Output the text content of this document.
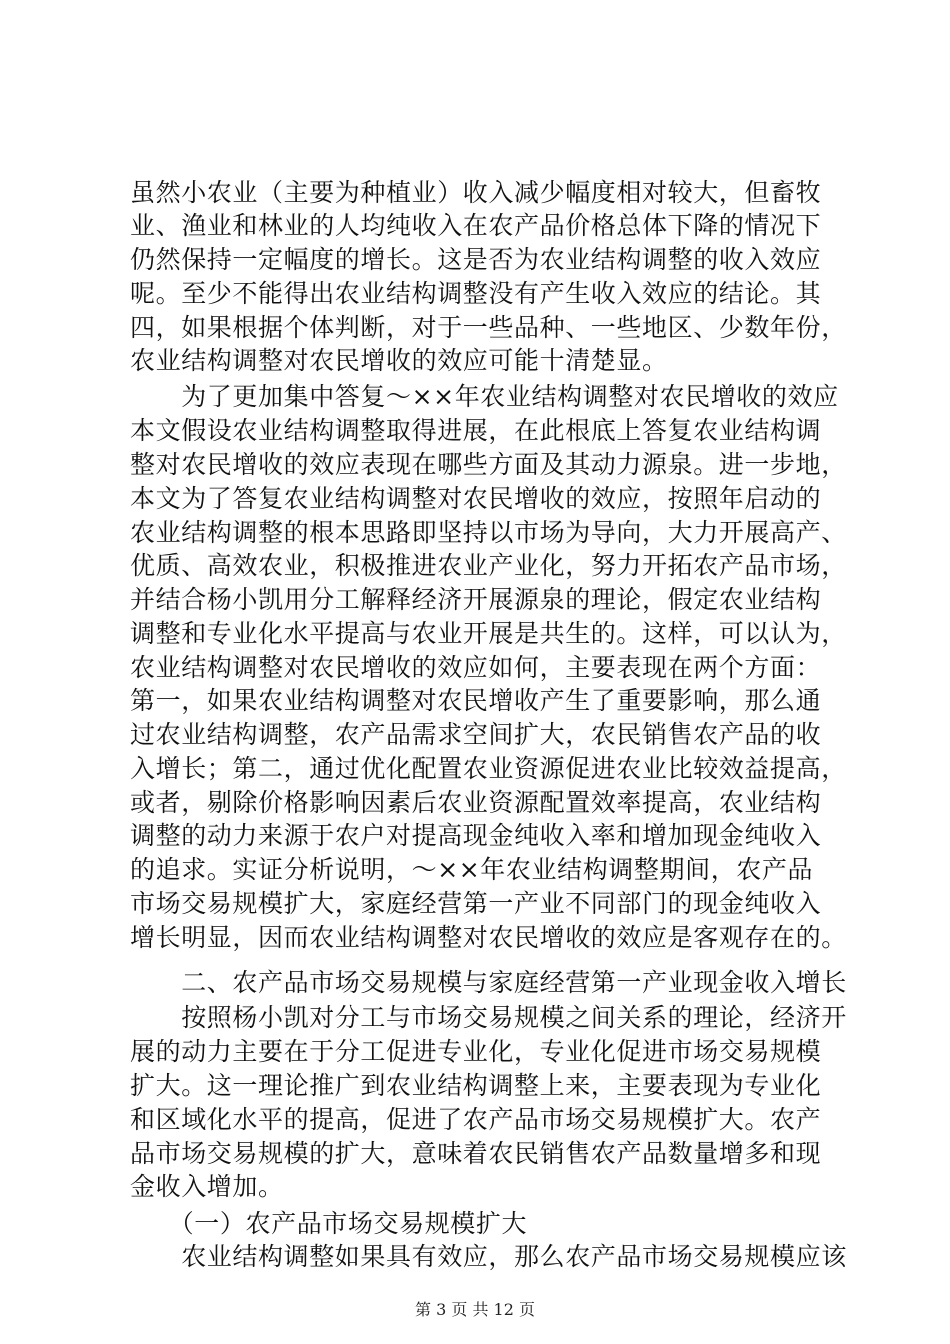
虽然小农业（主要为种植业）收入减少幅度相对较大，但畜牧
业、渔业和林业的人均纯收入在农产品价格总体下降的情况下
仍然保持一定幅度的增长。这是否为农业结构调整的收入效应
呢。至少不能得出农业结构调整没有产生收入效应的结论。其
四，如果根据个体判断，对于一些品种、一些地区、少数年份，
农业结构调整对农民增收的效应可能十清楚显。
　　为了更加集中答复～××年农业结构调整对农民增收的效应
本文假设农业结构调整取得进展，在此根底上答复农业结构调
整对农民增收的效应表现在哪些方面及其动力源泉。进一步地，
本文为了答复农业结构调整对农民增收的效应，按照年启动的
农业结构调整的根本思路即坚持以市场为导向，大力开展高产、
优质、高效农业，积极推进农业产业化，努力开拓农产品市场，
并结合杨小凯用分工解释经济开展源泉的理论，假定农业结构
调整和专业化水平提高与农业开展是共生的。这样，可以认为，
农业结构调整对农民增收的效应如何，主要表现在两个方面：
第一，如果农业结构调整对农民增收产生了重要影响，那么通
过农业结构调整，农产品需求空间扩大，农民销售农产品的收
入增长；第二，通过优化配置农业资源促进农业比较效益提高，
或者，剔除价格影响因素后农业资源配置效率提高，农业结构
调整的动力来源于农户对提高现金纯收入率和增加现金纯收入
的追求。实证分析说明，～××年农业结构调整期间，农产品
市场交易规模扩大，家庭经营第一产业不同部门的现金纯收入
增长明显，因而农业结构调整对农民增收的效应是客观存在的。
　　二、农产品市场交易规模与家庭经营第一产业现金收入增长
　　按照杨小凯对分工与市场交易规模之间关系的理论，经济开
展的动力主要在于分工促进专业化，专业化促进市场交易规模
扩大。这一理论推广到农业结构调整上来，主要表现为专业化
和区域化水平的提高，促进了农产品市场交易规模扩大。农产
品市场交易规模的扩大，意味着农民销售农产品数量增多和现
金收入增加。
　　（一）农产品市场交易规模扩大
　　农业结构调整如果具有效应，那么农产品市场交易规模应该
第 3 页 共 12 页
